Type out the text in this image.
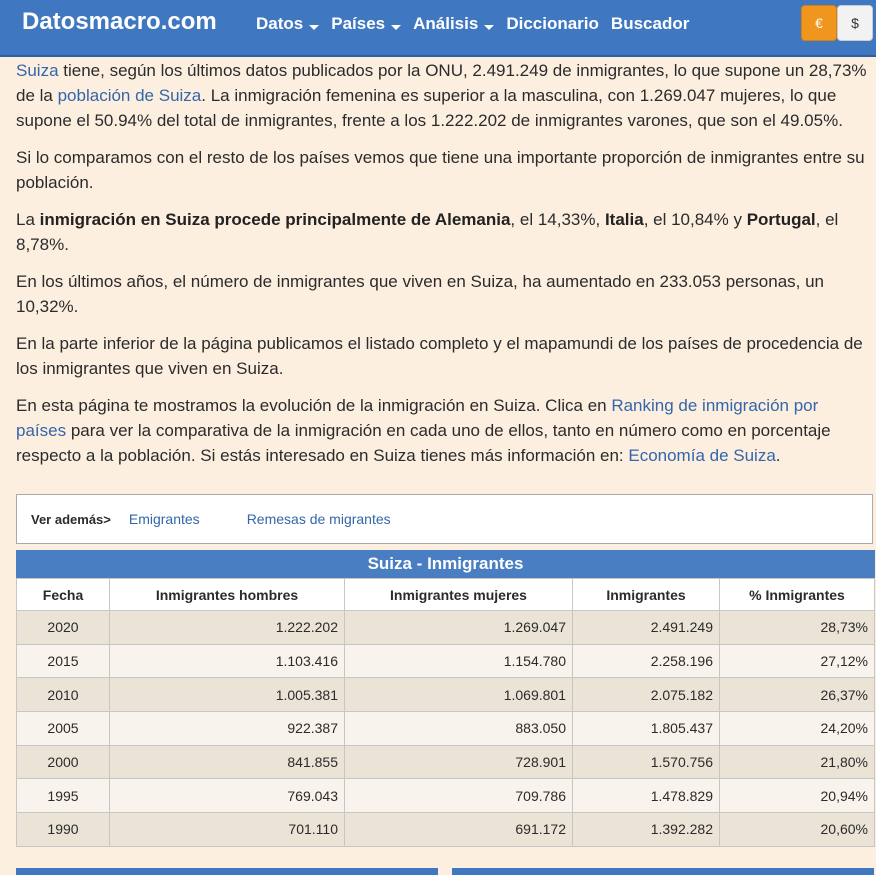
Datosmacro.com Datos Países Análisis Diccionario Buscador	€	$

Suiza tiene, según los últimos datos publicados por la ONU, 2.491.249 de inmigrantes, lo que supone un 28,73% de la población de Suiza. La inmigración femenina es superior a la masculina, con 1.269.047 mujeres, lo que supone el 50.94% del total de inmigrantes, frente a los 1.222.202 de inmigrantes varones, que son el 49.05%.

Si lo comparamos con el resto de los países vemos que tiene una importante proporción de inmigrantes entre su población.

La inmigración en Suiza procede principalmente de Alemania, el 14,33%, Italia, el 10,84% y Portugal, el 8,78%.

En los últimos años, el número de inmigrantes que viven en Suiza, ha aumentado en 233.053 personas, un 10,32%.

En la parte inferior de la página publicamos el listado completo y el mapamundi de los países de procedencia de los inmigrantes que viven en Suiza.

En esta página te mostramos la evolución de la inmigración en Suiza. Clica en Ranking de inmigración por países para ver la comparativa de la inmigración en cada uno de ellos, tanto en número como en porcentaje respecto a la población. Si estás interesado en Suiza tienes más información en: Economía de Suiza.

Ver además> Emigrantes	Remesas de migrantes
Suiza - Inmigrantes
Fecha	Inmigrantes hombres	Inmigrantes mujeres	Inmigrantes	% Inmigrantes
2020	1.222.202	1.269.047	2.491.249	28,73%
2015	1.103.416	1.154.780	2.258.196	27,12%
2010	1.005.381	1.069.801	2.075.182	26,37%
2005	922.387	883.050	1.805.437	24,20%
2000	841.855	728.901	1.570.756	21,80%
1995	769.043	709.786	1.478.829	20,94%
1990	701.110	691.172	1.392.282	20,60%
